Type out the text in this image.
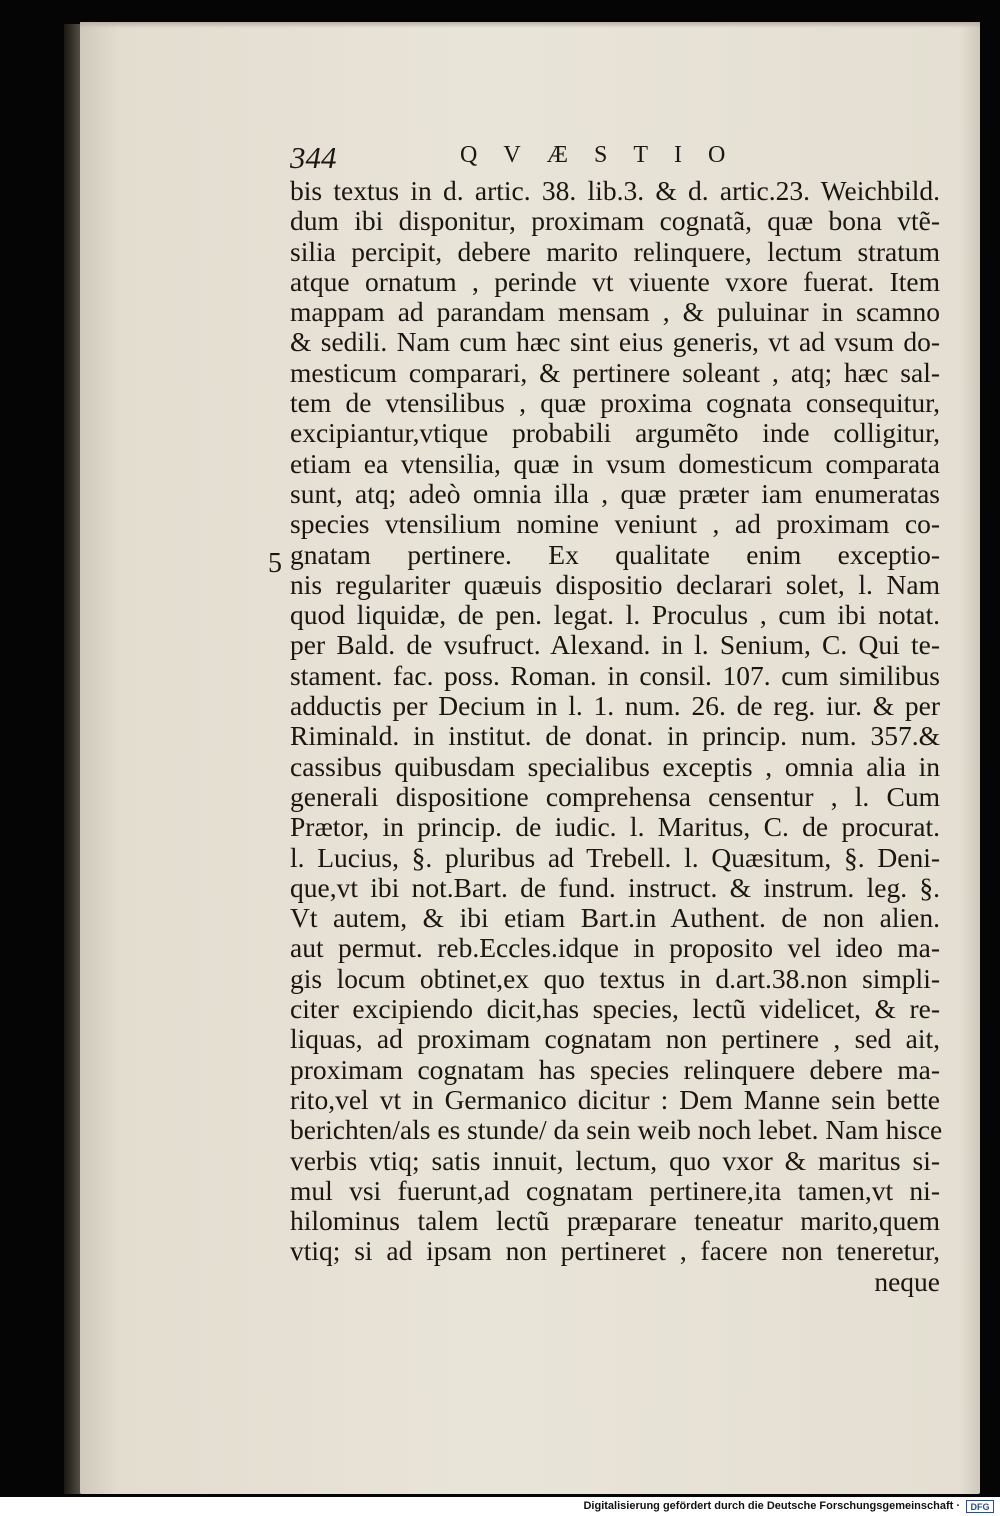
344	QVÆSTIO
5
bis textus in d. artic. 38. lib.3. & d. artic.23. Weichbild.
dum ibi disponitur, proximam cognatã, quæ bona vtẽ-
silia percipit, debere marito relinquere, lectum stratum
atque ornatum , perinde vt viuente vxore fuerat. Item
mappam ad parandam mensam , & puluinar in scamno
& sedili. Nam cum hæc sint eius generis, vt ad vsum do-
mesticum comparari, & pertinere soleant , atq; hæc sal-
tem de vtensilibus , quæ proxima cognata consequitur,
excipiantur,vtique probabili argumẽto inde colligitur,
etiam ea vtensilia, quæ in vsum domesticum comparata
sunt, atq; adeò omnia illa , quæ præter iam enumeratas
species vtensilium nomine veniunt , ad proximam co-
gnatam pertinere. Ex qualitate enim exceptio-
nis regulariter quæuis dispositio declarari solet, l. Nam
quod liquidæ, de pen. legat. l. Proculus , cum ibi notat.
per Bald. de vsufruct. Alexand. in l. Senium, C. Qui te-
stament. fac. poss. Roman. in consil. 107. cum similibus
adductis per Decium in l. 1. num. 26. de reg. iur. & per
Riminald. in institut. de donat. in princip. num. 357.&
cassibus quibusdam specialibus exceptis , omnia alia in
generali dispositione comprehensa censentur , l. Cum
Prætor, in princip. de iudic. l. Maritus, C. de procurat.
l. Lucius, §. pluribus ad Trebell. l. Quæsitum, §. Deni-
que,vt ibi not.Bart. de fund. instruct. & instrum. leg. §.
Vt autem, & ibi etiam Bart.in Authent. de non alien.
aut permut. reb.Eccles.idque in proposito vel ideo ma-
gis locum obtinet,ex quo textus in d.art.38.non simpli-
citer excipiendo dicit,has species, lectũ videlicet, & re-
liquas, ad proximam cognatam non pertinere , sed ait,
proximam cognatam has species relinquere debere ma-
rito,vel vt in Germanico dicitur : Dem Manne sein bette
berichten/als es stunde/ da sein weib noch lebet. Nam hisce
verbis vtiq; satis innuit, lectum, quo vxor & maritus si-
mul vsi fuerunt,ad cognatam pertinere,ita tamen,vt ni-
hilominus talem lectũ præparare teneatur marito,quem
vtiq; si ad ipsam non pertineret , facere non teneretur,
neque
Digitalisierung gefördert durch die Deutsche Forschungsgemeinschaft ·	DFG
